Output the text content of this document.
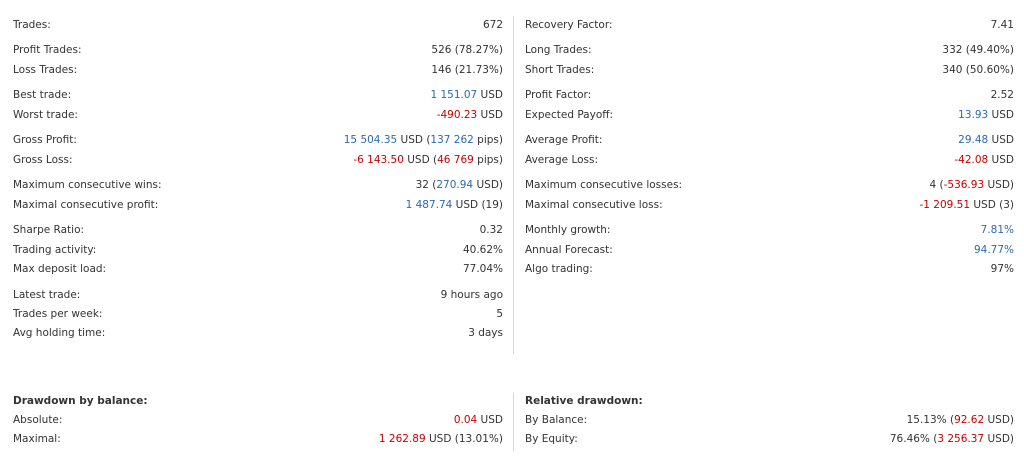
Trades:	672
Profit Trades:	526 (78.27%)
Loss Trades:	146 (21.73%)
Best trade:	1 151.07 USD
Worst trade:	-490.23 USD
Gross Profit:	15 504.35 USD (137 262 pips)
Gross Loss:	-6 143.50 USD (46 769 pips)
Maximum consecutive wins:	32 (270.94 USD)
Maximal consecutive profit:	1 487.74 USD (19)
Sharpe Ratio:	0.32
Trading activity:	40.62%
Max deposit load:	77.04%
Latest trade:	9 hours ago
Trades per week:	5
Avg holding time:	3 days
Recovery Factor:	7.41
Long Trades:	332 (49.40%)
Short Trades:	340 (50.60%)
Profit Factor:	2.52
Expected Payoff:	13.93 USD
Average Profit:	29.48 USD
Average Loss:	-42.08 USD
Maximum consecutive losses:	4 (-536.93 USD)
Maximal consecutive loss:	-1 209.51 USD (3)
Monthly growth:	7.81%
Annual Forecast:	94.77%
Algo trading:	97%
Drawdown by balance:
Absolute:	0.04 USD
Maximal:	1 262.89 USD (13.01%)
Relative drawdown:
By Balance:	15.13% (92.62 USD)
By Equity:	76.46% (3 256.37 USD)
